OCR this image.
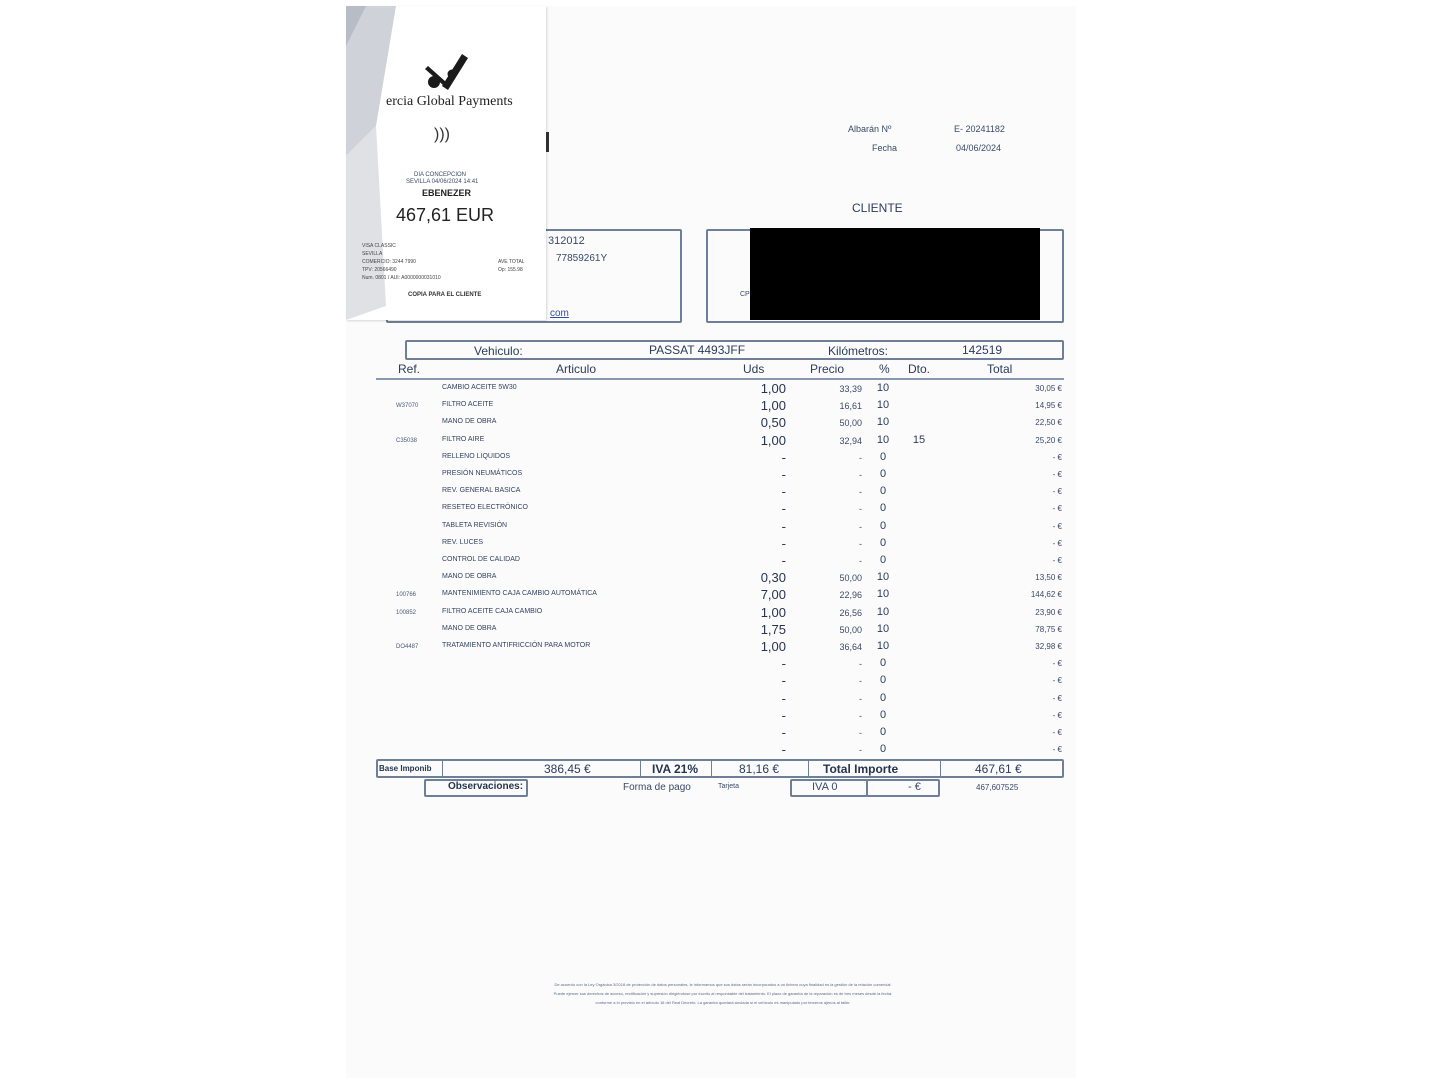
Albarán Nº	E- 20241182
Fecha	04/06/2024
CLIENTE
312012
77859261Y
com
CP
Vehiculo:	PASSAT 4493JFF	Kilómetros:	142519
Ref.	Articulo	Uds	Precio	% Dto.	Total
CAMBIO ACEITE 5W30	1,00	33,39	10	30,05 €
W37070	FILTRO ACEITE	1,00	16,61	10	14,95 €
MANO DE OBRA	0,50	50,00	10	22,50 €
C35038	FILTRO AIRE	1,00	32,94	10	15	25,20 €
RELLENO LIQUIDOS	-	-	0	- €
PRESIÓN NEUMÁTICOS	-	-	0	- €
REV. GENERAL BASICA	-	-	0	- €
RESETEO ELECTRÓNICO	-	-	0	- €
TABLETA REVISIÓN	-	-	0	- €
REV. LUCES	-	-	0	- €
CONTROL DE CALIDAD	-	-	0	- €
MANO DE OBRA	0,30	50,00	10	13,50 €
100766	MANTENIMIENTO CAJA CAMBIO AUTOMÁTICA	7,00	22,96	10	144,62 €
100852	FILTRO ACEITE CAJA CAMBIO	1,00	26,56	10	23,90 €
MANO DE OBRA	1,75	50,00	10	78,75 €
DO4487	TRATAMIENTO ANTIFRICCIÓN PARA MOTOR	1,00	36,64	10	32,98 €
-	-	0	- €
-	-	0	- €
-	-	0	- €
-	-	0	- €
-	-	0	- €
-	-	0	- €
Base Imponib	386,45 €	IVA 21%	81,16 €	Total Importe	467,61 €
Observaciones:	Forma de pago	Tarjeta	IVA 0	- €	467,607525
De acuerdo con la Ley Orgánica 3/2018 de protección de datos personales, le informamos que sus datos serán incorporados a un fichero cuya finalidad es la gestión de la relación comercial.
Puede ejercer sus derechos de acceso, rectificación y supresión dirigiéndose por escrito al responsable del tratamiento. El plazo de garantía de la reparación es de tres meses desde la fecha.
conforme a lo previsto en el artículo 16 del Real Decreto. La garantía quedará anulada si el vehículo es manipulado por terceros ajenos al taller.
ercia Global Payments
)))
DIA CONCEPCION
SEVILLA 04/06/2024 14:41
EBENEZER
467,61 EUR
VISA CLASSIC
SEVILLA
COMERCIO: 3244 7990
TPV: 20566490
Num. 0801 / AUI: A0000000031010
AVE TOTAL
Op: 155.98
COPIA PARA EL CLIENTE
